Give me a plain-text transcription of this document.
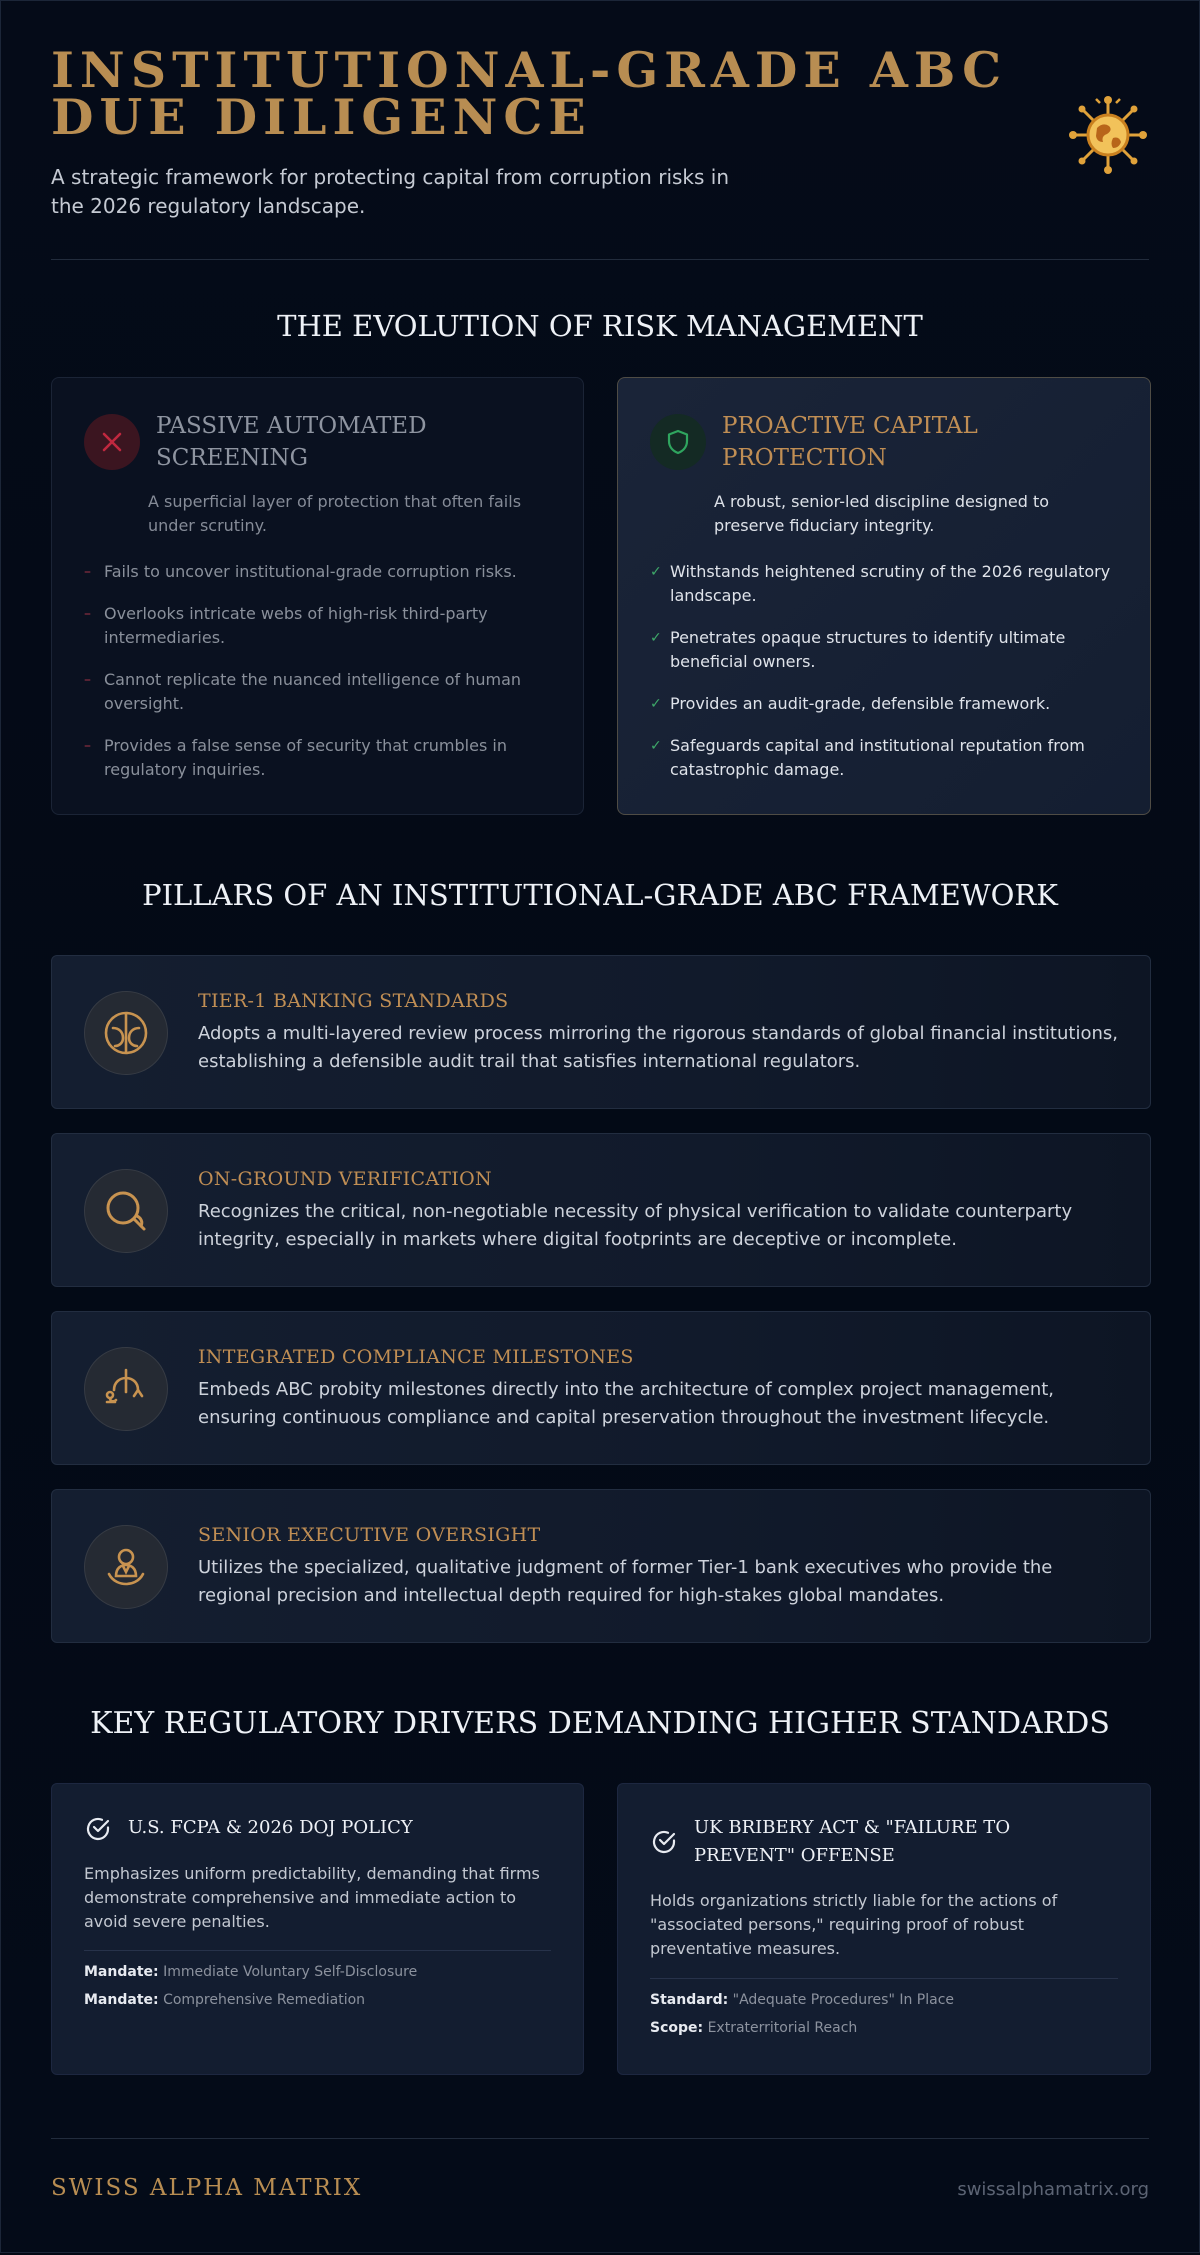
INSTITUTIONAL-GRADE ABC DUE DILIGENCE

A strategic framework for protecting capital from corruption risks in the 2026 regulatory landscape.

THE EVOLUTION OF RISK MANAGEMENT
PASSIVE AUTOMATED SCREENING

A superficial layer of protection that often fails under scrutiny.

– Fails to uncover institutional-grade corruption risks.
– Overlooks intricate webs of high-risk third-party intermediaries.
– Cannot replicate the nuanced intelligence of human oversight.
– Provides a false sense of security that crumbles in regulatory inquiries.
PROACTIVE CAPITAL PROTECTION

A robust, senior-led discipline designed to preserve fiduciary integrity.

✓ Withstands heightened scrutiny of the 2026 regulatory landscape.
✓ Penetrates opaque structures to identify ultimate beneficial owners.
✓ Provides an audit-grade, defensible framework.
✓ Safeguards capital and institutional reputation from catastrophic damage.
PILLARS OF AN INSTITUTIONAL-GRADE ABC FRAMEWORK
TIER-1 BANKING STANDARDS

Adopts a multi-layered review process mirroring the rigorous standards of global financial institutions, establishing a defensible audit trail that satisfies international regulators.

ON-GROUND VERIFICATION

Recognizes the critical, non-negotiable necessity of physical verification to validate counterparty integrity, especially in markets where digital footprints are deceptive or incomplete.

INTEGRATED COMPLIANCE MILESTONES

Embeds ABC probity milestones directly into the architecture of complex project management, ensuring continuous compliance and capital preservation throughout the investment lifecycle.

SENIOR EXECUTIVE OVERSIGHT

Utilizes the specialized, qualitative judgment of former Tier-1 bank executives who provide the regional precision and intellectual depth required for high-stakes global mandates.

KEY REGULATORY DRIVERS DEMANDING HIGHER STANDARDS
U.S. FCPA & 2026 DOJ POLICY

Emphasizes uniform predictability, demanding that firms demonstrate comprehensive and immediate action to avoid severe penalties.

Mandate: Immediate Voluntary Self-Disclosure

Mandate: Comprehensive Remediation

UK BRIBERY ACT & "FAILURE TO PREVENT" OFFENSE

Holds organizations strictly liable for the actions of "associated persons," requiring proof of robust preventative measures.

Standard: "Adequate Procedures" In Place

Scope: Extraterritorial Reach

SWISS ALPHA MATRIX	swissalphamatrix.org
